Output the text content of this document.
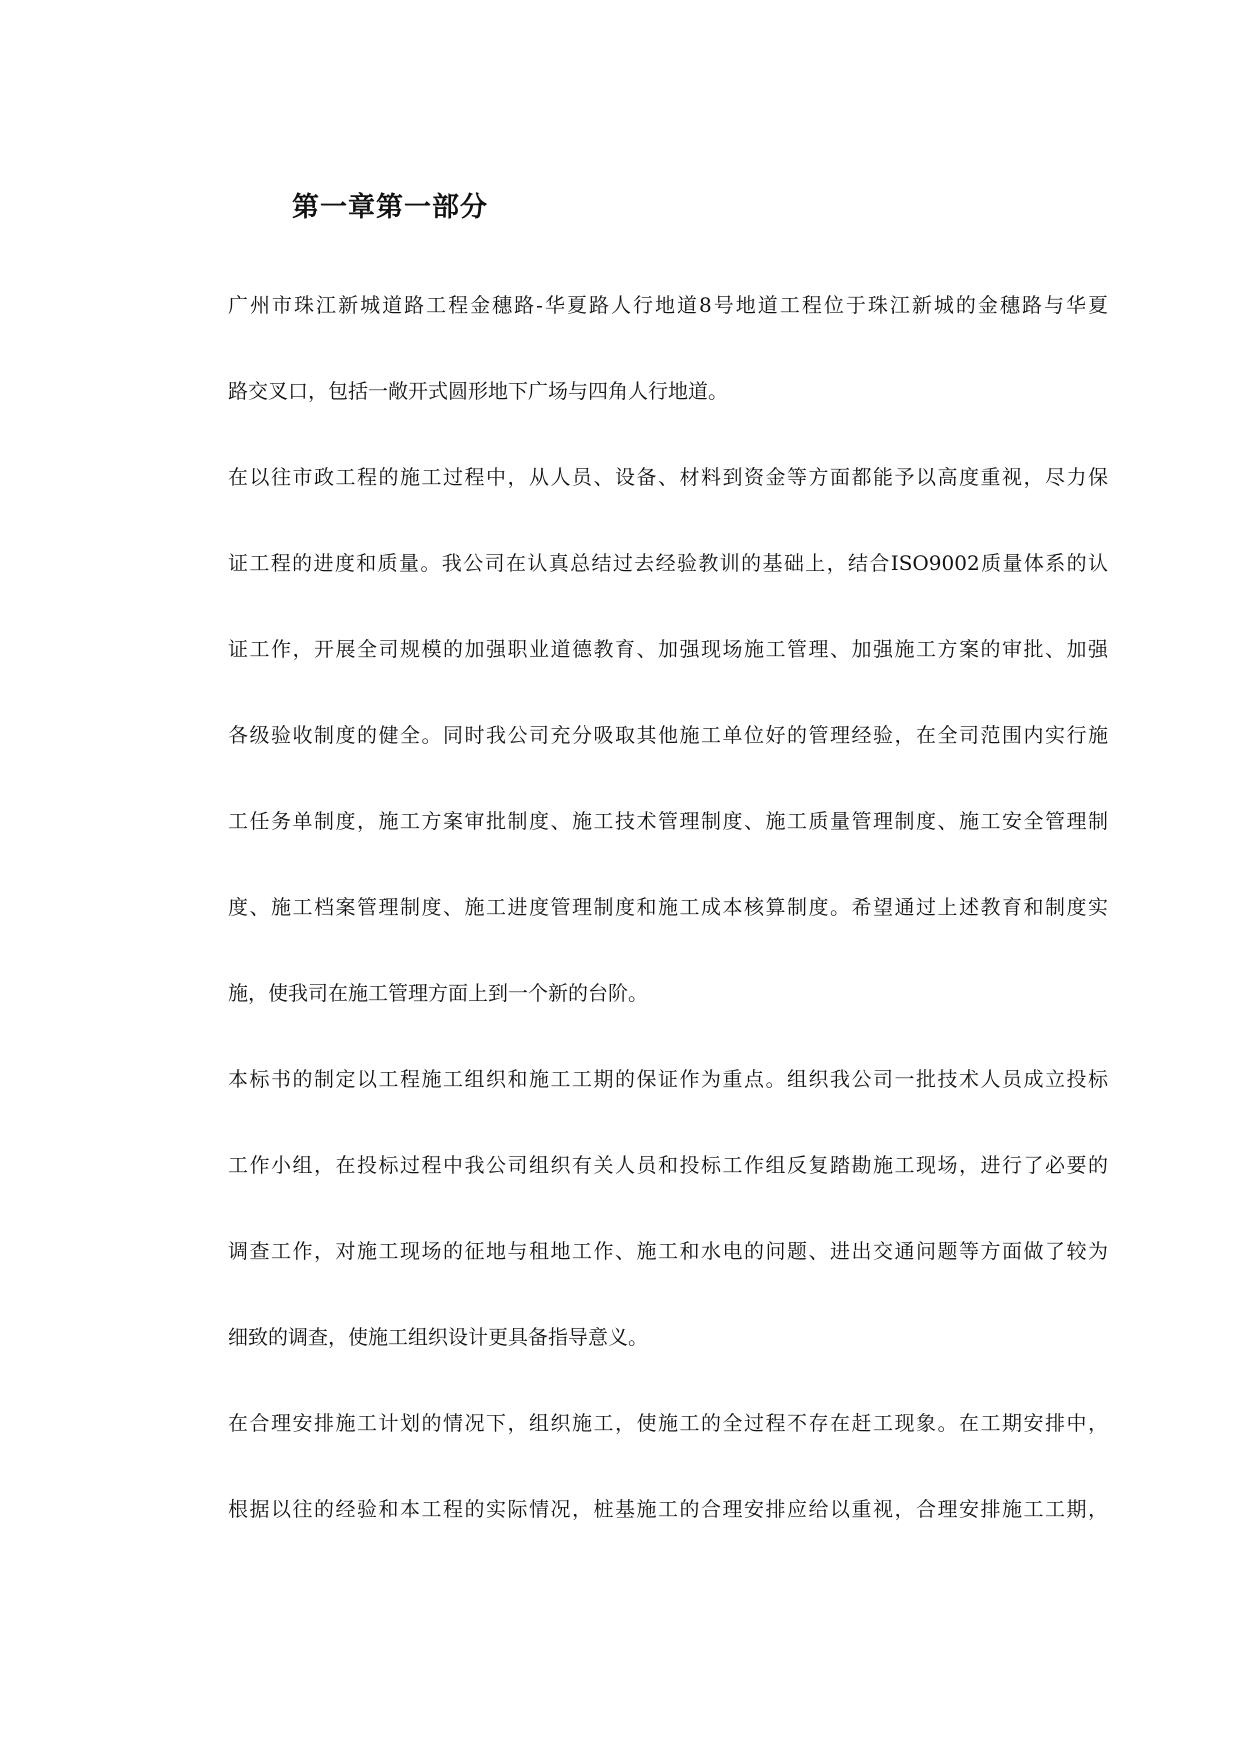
第一章第一部分

广州市珠江新城道路工程金穗路-华夏路人行地道8号地道工程位于珠江新城的金穗路与华夏

路交叉口，包括一敞开式圆形地下广场与四角人行地道。

在以往市政工程的施工过程中，从人员、设备、材料到资金等方面都能予以高度重视，尽力保

证工程的进度和质量。我公司在认真总结过去经验教训的基础上，结合ISO9002质量体系的认

证工作，开展全司规模的加强职业道德教育、加强现场施工管理、加强施工方案的审批、加强

各级验收制度的健全。同时我公司充分吸取其他施工单位好的管理经验，在全司范围内实行施

工任务单制度，施工方案审批制度、施工技术管理制度、施工质量管理制度、施工安全管理制

度、施工档案管理制度、施工进度管理制度和施工成本核算制度。希望通过上述教育和制度实

施，使我司在施工管理方面上到一个新的台阶。

本标书的制定以工程施工组织和施工工期的保证作为重点。组织我公司一批技术人员成立投标

工作小组，在投标过程中我公司组织有关人员和投标工作组反复踏勘施工现场，进行了必要的

调查工作，对施工现场的征地与租地工作、施工和水电的问题、进出交通问题等方面做了较为

细致的调查，使施工组织设计更具备指导意义。

在合理安排施工计划的情况下，组织施工，使施工的全过程不存在赶工现象。在工期安排中，

根据以往的经验和本工程的实际情况，桩基施工的合理安排应给以重视，合理安排施工工期，
